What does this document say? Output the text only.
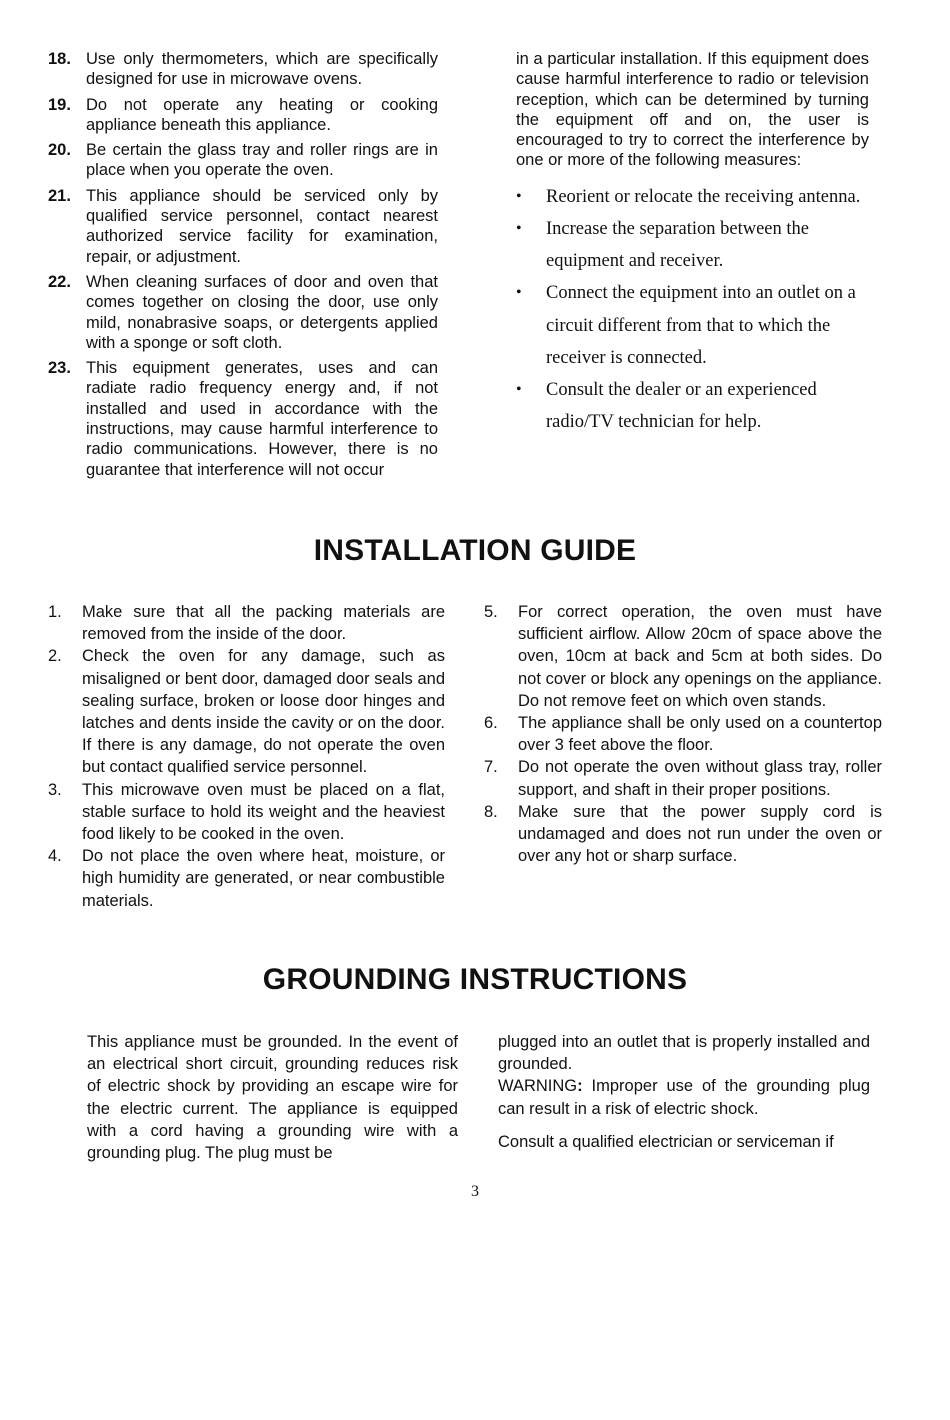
18. Use only thermometers, which are specifically designed for use in microwave ovens.
19. Do not operate any heating or cooking appliance beneath this appliance.
20. Be certain the glass tray and roller rings are in place when you operate the oven.
21. This appliance should be serviced only by qualified service personnel, contact nearest authorized service facility for examination, repair, or adjustment.
22. When cleaning surfaces of door and oven that comes together on closing the door, use only mild, nonabrasive soaps, or detergents applied with a sponge or soft cloth.
23. This equipment generates, uses and can radiate radio frequency energy and, if not installed and used in accordance with the instructions, may cause harmful interference to radio communications. However, there is no guarantee that interference will not occur

in a particular installation. If this equipment does cause harmful interference to radio or television reception, which can be determined by turning the equipment off and on, the user is encouraged to try to correct the interference by one or more of the following measures:

•	Reorient or relocate the receiving antenna.
•	Increase the separation between the equipment and receiver.
•	Connect the equipment into an outlet on a circuit different from that to which the receiver is connected.
•	Consult the dealer or an experienced radio/TV technician for help.
INSTALLATION GUIDE
1.	Make sure that all the packing materials are removed from the inside of the door.
2.	Check the oven for any damage, such as misaligned or bent door, damaged door seals and sealing surface, broken or loose door hinges and latches and dents inside the cavity or on the door. If there is any damage, do not operate the oven but contact qualified service personnel.
3.	This microwave oven must be placed on a flat, stable surface to hold its weight and the heaviest food likely to be cooked in the oven.
4.	Do not place the oven where heat, moisture, or high humidity are generated, or near combustible materials.
5.	For correct operation, the oven must have sufficient airflow. Allow 20cm of space above the oven, 10cm at back and 5cm at both sides. Do not cover or block any openings on the appliance. Do not remove feet on which oven stands.
6.	The appliance shall be only used on a countertop over 3 feet above the floor.
7.	Do not operate the oven without glass tray, roller support, and shaft in their proper positions.
8.	Make sure that the power supply cord is undamaged and does not run under the oven or over any hot or sharp surface.
GROUNDING INSTRUCTIONS

This appliance must be grounded. In the event of an electrical short circuit, grounding reduces risk of electric shock by providing an escape wire for the electric current. The appliance is equipped with a cord having a grounding wire with a grounding plug. The plug must be

plugged into an outlet that is properly installed and grounded.

WARNING: Improper use of the grounding plug can result in a risk of electric shock.

Consult a qualified electrician or serviceman if

3
